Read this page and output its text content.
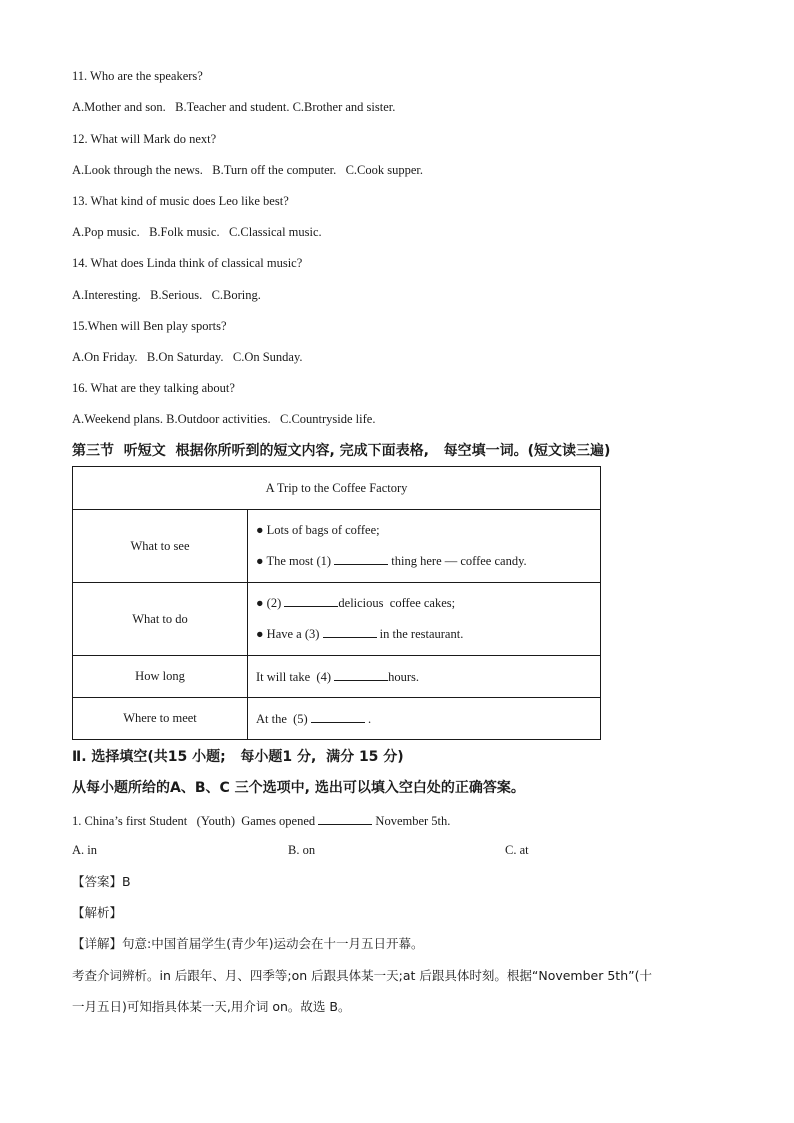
11. Who are the speakers?
A.Mother and son.   B.Teacher and student. C.Brother and sister.
12. What will Mark do next?
A.Look through the news.   B.Turn off the computer.   C.Cook supper.
13. What kind of music does Leo like best?
A.Pop music.   B.Folk music.   C.Classical music.
14. What does Linda think of classical music?
A.Interesting.   B.Serious.   C.Boring.
15.When will Ben play sports?
A.On Friday.   B.On Saturday.   C.On Sunday.
16. What are they talking about?
A.Weekend plans. B.Outdoor activities.   C.Countryside life.
第三节  听短文  根据你所听到的短文内容, 完成下面表格,   每空填一词。(短文读三遍)
A Trip to the Coffee Factory	
What to see	● Lots of bags of coffee;
● The most (1) thing here — coffee candy.

What to do	● (2) delicious  coffee cakes;
● Have a (3) in the restaurant.

How long	It will take  (4) hours.
Where to meet	At the  (5) .
Ⅱ. 选择填空(共15 小题;   每小题1 分,  满分 15 分)
从每小题所给的A、B、C 三个选项中, 选出可以填入空白处的正确答案。
1. China’s first Student   (Youth)  Games opened	November 5th.
A. in	B. on	C. at
【答案】B
【解析】
【详解】句意:中国首届学生(青少年)运动会在十一月五日开幕。
考查介词辨析。in 后跟年、月、四季等;on 后跟具体某一天;at 后跟具体时刻。根据“November 5th”(十
一月五日)可知指具体某一天,用介词 on。故选 B。
